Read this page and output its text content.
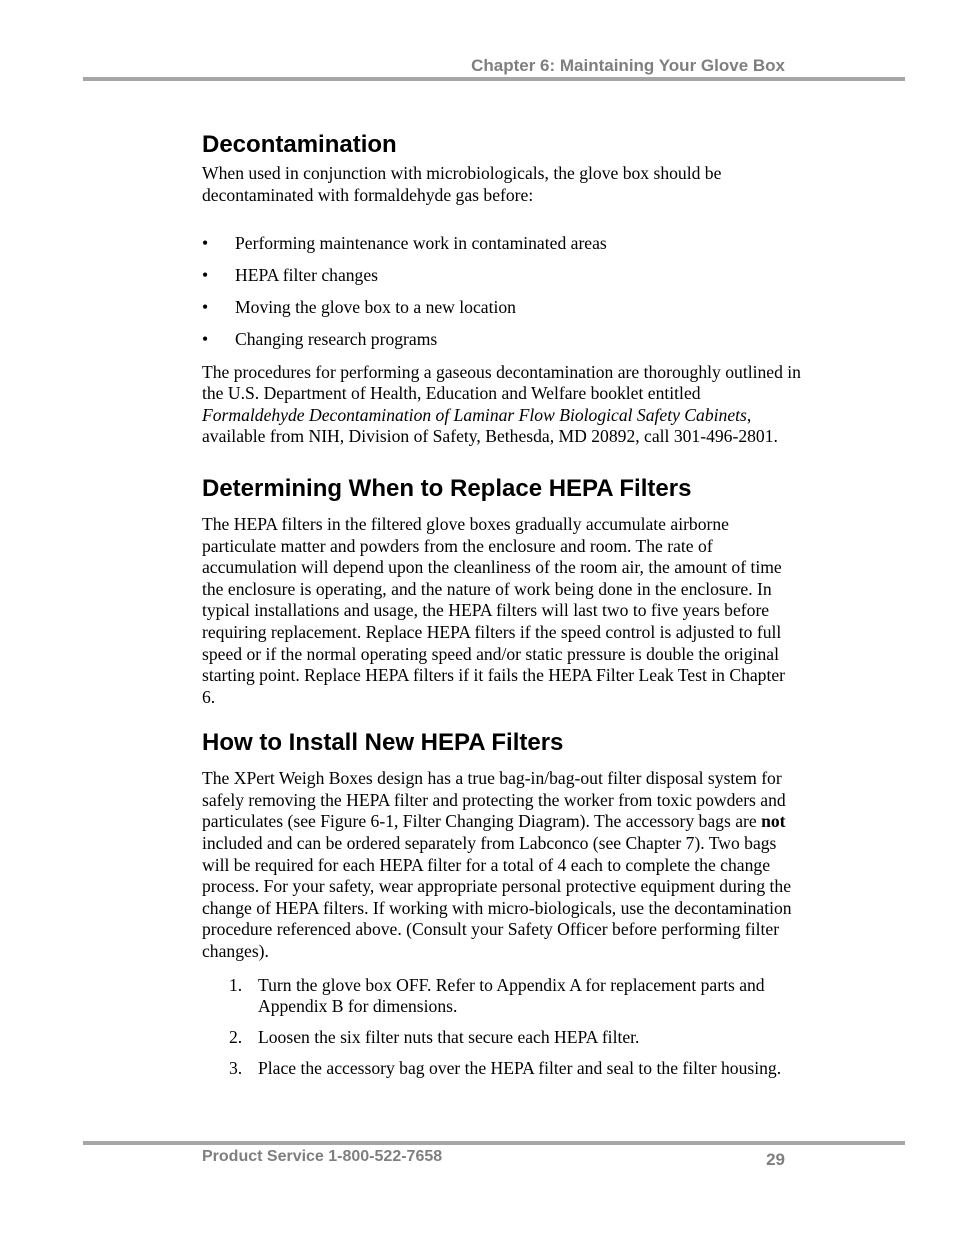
Chapter 6: Maintaining Your Glove Box
Decontamination

When used in conjunction with microbiologicals, the glove box should be decontaminated with formaldehyde gas before:

• Performing maintenance work in contaminated areas
• HEPA filter changes
• Moving the glove box to a new location
• Changing research programs

The procedures for performing a gaseous decontamination are thoroughly outlined in the U.S. Department of Health, Education and Welfare booklet entitled Formaldehyde Decontamination of Laminar Flow Biological Safety Cabinets, available from NIH, Division of Safety, Bethesda, MD 20892, call 301-496-2801.

Determining When to Replace HEPA Filters

The HEPA filters in the filtered glove boxes gradually accumulate airborne particulate matter and powders from the enclosure and room. The rate of accumulation will depend upon the cleanliness of the room air, the amount of time the enclosure is operating, and the nature of work being done in the enclosure. In typical installations and usage, the HEPA filters will last two to five years before requiring replacement. Replace HEPA filters if the speed control is adjusted to full speed or if the normal operating speed and/or static pressure is double the original starting point. Replace HEPA filters if it fails the HEPA Filter Leak Test in Chapter 6.

How to Install New HEPA Filters

The XPert Weigh Boxes design has a true bag-in/bag-out filter disposal system for safely removing the HEPA filter and protecting the worker from toxic powders and particulates (see Figure 6-1, Filter Changing Diagram). The accessory bags are not included and can be ordered separately from Labconco (see Chapter 7). Two bags will be required for each HEPA filter for a total of 4 each to complete the change process. For your safety, wear appropriate personal protective equipment during the change of HEPA filters. If working with micro-biologicals, use the decontamination procedure referenced above. (Consult your Safety Officer before performing filter changes).

1. Turn the glove box OFF. Refer to Appendix A for replacement parts and Appendix B for dimensions.
2. Loosen the six filter nuts that secure each HEPA filter.
3. Place the accessory bag over the HEPA filter and seal to the filter housing.
Product Service 1-800-522-7658	29
